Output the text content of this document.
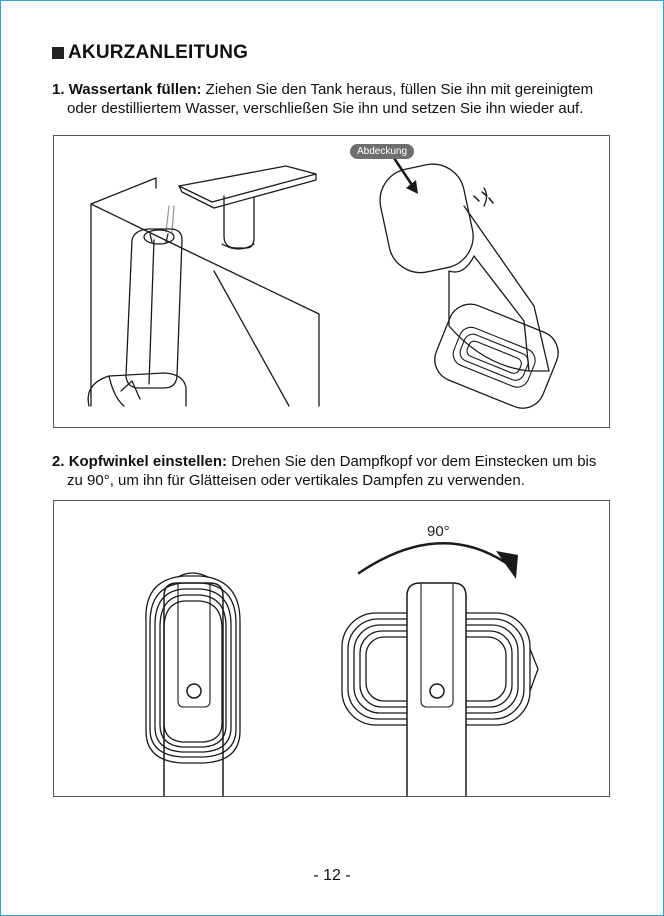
AKURZANLEITUNG
1. Wassertank füllen: Ziehen Sie den Tank heraus, füllen Sie ihn mit gereinigtem
oder destilliertem Wasser, verschließen Sie ihn und setzen Sie ihn wieder auf.
Abdeckung
2. Kopfwinkel einstellen: Drehen Sie den Dampfkopf vor dem Einstecken um bis
zu 90°, um ihn für Glätteisen oder vertikales Dampfen zu verwenden.
90°
- 12 -
